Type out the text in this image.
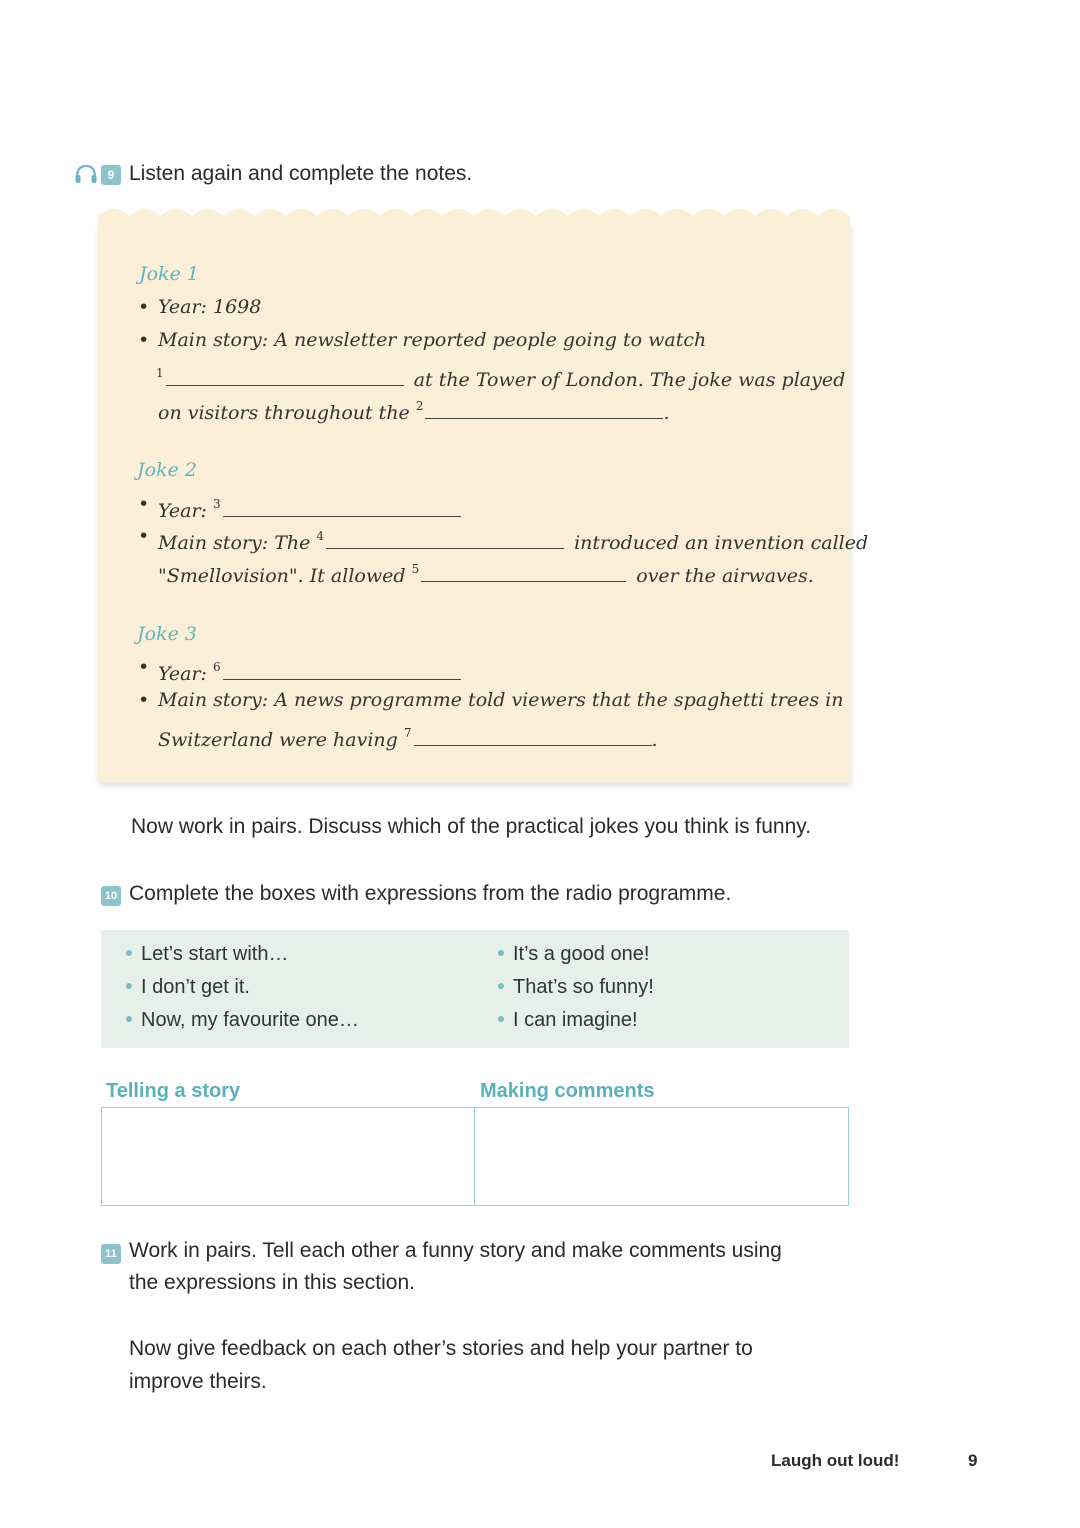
9 Listen again and complete the notes.
Joke 1
• Year: 1698
• Main story: A newsletter reported people going to watch
$^1$	at the Tower of London. The joke was played
on visitors throughout the $^2$	.
Joke 2
• Year: $^3$
• Main story: The $^4$	introduced an invention called
"Smellovision". It allowed $^5$	over the airwaves.
Joke 3
• Year: $^6$
• Main story: A news programme told viewers that the spaghetti trees in
Switzerland were having $^7$	.
Now work in pairs. Discuss which of the practical jokes you think is funny.
10 Complete the boxes with expressions from the radio programme.
Let’s start with…
I don’t get it.
Now, my favourite one…
It’s a good one!
That’s so funny!
I can imagine!
Telling a story	Making comments
11 Work in pairs. Tell each other a funny story and make comments using
the expressions in this section.
Now give feedback on each other’s stories and help your partner to
improve theirs.
Laugh out loud!	9
